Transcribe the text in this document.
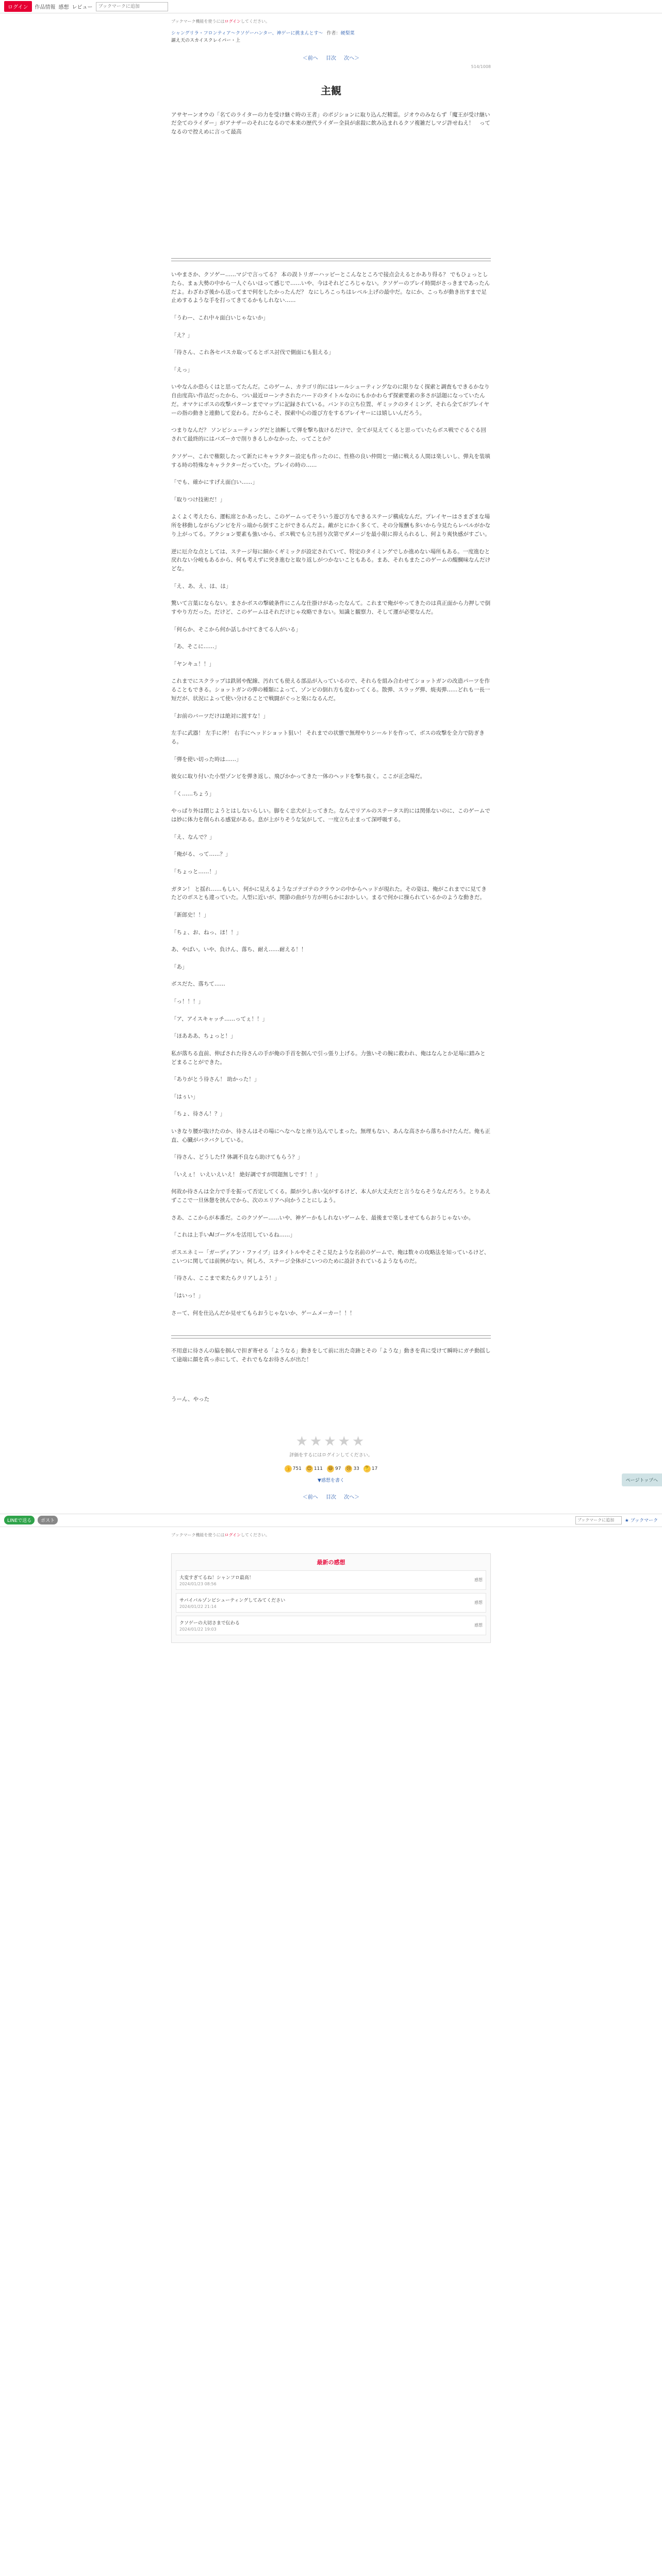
ログイン	作品情報 感想 レビュー
ブックマークに追加
ブックマーク機能を使うにはログインしてください。
シャングリラ・フロンティア〜クソゲーハンター、神ゲーに挑まんとす〜 作者：硬梨菜
謳え天のスカイスクレイパー・上
＜前へ 目次 次へ＞
514/1008
主観
アサヤーンオウの「名てのライターの力を受け継ぐ時の王者」のポジションに取り込んだ精霊。ジオウのみならず「魔王が受け継いだ全てのライダー」がアナザーのそれになるので本来の歴代ライダー全員が虐殺に飲み込まれるクソ複雑だしマジ許せねえ！　ってなるので控えめに言って最高

いやまさか、クソゲー……マジで言ってる？ 本の誤トリガーハッピーとこんなところで接点会えるとかあり得る？ でもひょっとしたら、まぁ大勢の中から一人ぐらいはって感じで……いや、今はそれどころじゃない。クソゲーのプレイ時間がさっきまであったんだよ。わざわざ後から送ってまで何をしたかったんだ？ なにしろこっちはレベル上げの最中だ。なにか、こっちが動き出すまで足止めするような手を打ってきてるかもしれない……

「うわー、これ中々面白いじゃないか」

「え？」

「待さん、これ各セパスカ取ってるとボス討伐で側面にも狙える」

「えっ」

いやなんか恐らくはと思ってたんだ。このゲーム、カテゴリ的にはレールシューティングなのに限りなく探索と調査もできるかなり自由度高い作品だったから、つい最近ローンチされたハードのタイトルなのにもかかわらず探索要素の多さが話題になっていたんだ。オマケにボスの攻撃パターンまでマップに記録されている。バンドの立ち位置、ギミックのタイミング、それら全てがプレイヤーの指の動きと連動して変わる。だからこそ、探索中心の遊び方をするプレイヤーには嬉しいんだろう。

つまりなんだ？ ソンビシューティングだと油断して弾を撃ち抜けるだけで、全てが見えてくると思っていたらボス戦でぐるぐる回されて最終的にはバズーカで削りきるしかなかった、ってことか？

クソゲー、これで権限したって新たにキャラクター設定も作ったのに、性格の良い仲間と一緒に戦える人間は楽しいし、弾丸を装填する時の特殊なキャラクターだっていた。プレイの時の……

「でも、確かにすげえ面白い……」

「取りつけ技術だ！」

よくよく考えたら、運転席とかあったし、このゲームってそういう遊び方もできるステージ構成なんだ。プレイヤーはさまざまな場所を移動しながらゾンビを片っ端から倒すことができるんだよ。敵がとにかく多くて、その分報酬も多いから今見たらレベルがかなり上がってる。アクション要素も強いから、ボス戦でも立ち回り次第でダメージを最小限に抑えられるし、何より爽快感がすごい。

逆に厄介な点としては、ステージ毎に細かくギミックが設定されていて、特定のタイミングでしか進めない場所もある。一度進むと戻れない分岐もあるから、何も考えずに突き進むと取り返しがつかないこともある。まあ、それもまたこのゲームの醍醐味なんだけどな。

「え、あ、え、は、は」

驚いて言葉にならない。まさかボスの撃破条件にこんな仕掛けがあったなんて。これまで俺がやってきたのは真正面から力押しで倒すやり方だった。だけど、このゲームはそれだけじゃ攻略できない。知識と観察力、そして運が必要なんだ。

「何らか、そこから何か話しかけてきてる人がいる」

「あ、そこに……」

「ヤンキュ！！」

これまでにスクラップは鉄屑や配線、汚れても使える部品が入っているので、それらを組み合わせてショットガンの改造パーツを作ることもできる。ショットガンの弾の種類によって、ゾンビの倒れ方も変わってくる。散弾、スラッグ弾、焼夷弾……どれも一長一短だが、状況によって使い分けることで戦闘がぐっと楽になるんだ。

「お前のバーツだけは絶対に渡すな！」

左手に武器！ 左手に斧！ 右手にヘッドショット狙い！ それまでの状態で無理やりシールドを作って、ボスの攻撃を全力で防ぎきる。

「弾を使い切った時は……」

彼女に取り付いた小型ゾンビを弾き返し、飛びかかってきた一体のヘッドを撃ち抜く。ここが正念場だ。

「く……ちょう」

やっぱり外は閉じようとはしないらしい。脚をく忠犬が上ってきた。なんでリアルのステータス的には関係ないのに、このゲームでは妙に体力を削られる感覚がある。息が上がりそうな気がして、一度立ち止まって深呼吸する。

「え、なんで？」

「俺がる、って……？」

「ちょっと……！」

ガタン！ と揺れ……もしい、何かに見えるようなゴテゴテのクラウンの中からヘッドが現れた。その姿は、俺がこれまでに見てきたどのボスとも違っていた。人型に近いが、関節の曲がり方が明らかにおかしい。まるで何かに操られているかのような動きだ。

「新郎史！！」

「ちょ、お、ねっ、ほ！！」

あ、やばい。いや、負けん、落ち、耐え……耐える！！

「あ」

ボスだた、落ちて……

「っ！！！」

「ア、アイスキャッチ……ってぇ！！」

「ほあああ、ちょっと！」

私が落ちる直前、伸ばされた待さんの手が俺の手首を掴んで引っ張り上げる。力強いその腕に救われ、俺はなんとか足場に踏みとどまることができた。

「ありがとう待さん！ 助かった！」

「はぅい」

「ちょ、待さん！？」

いきなり腰が抜けたのか、待さんはその場にへなへなと座り込んでしまった。無理もない、あんな高さから落ちかけたんだ。俺も正直、心臓がバクバクしている。

「待さん、どうした!? 体調不良なら助けてもらう？」

「いえぇ！ いえいえいえ！ 絶好調ですが問題無しです！！」

何故か待さんは全力で手を振って否定してくる。顔が少し赤い気がするけど、本人が大丈夫だと言うならそうなんだろう。とりあえずここで一旦休憩を挟んでから、次のエリアへ向かうことにしよう。

さあ、ここからが本番だ。このクソゲー……いや、神ゲーかもしれないゲームを、最後まで楽しませてもらおうじゃないか。

「これは上手いAIゴーグルを活用しているね……」

ボスエネミー「ガーディアン・ファイブ」はタイトルやそこそこ見たような名前のゲームで、俺は数々の攻略法を知っているけど、こいつに関しては前例がない。何しろ、ステージ全体がこいつのために設計されているようなものだ。

「待さん、ここまで来たらクリアしよう！」

「はいっ！」

さーて、何を仕込んだか見せてもらおうじゃないか、ゲームメーカー！！！

不用意に待さんの脇を掴んで担ぎ寄せる「ようなる」動きをして前に出た奇跡とその「ような」動きを真に受けて瞬時にガチ動揺して途端に顔を真っ赤にして、それでもなお待さんが出た！
うーん、やった
★★★★★
評価をするにはログインしてください。
👍 751 😊 111 😄 97 😢 33 🤔 17
▼感想を書く
＜前へ 目次 次へ＞
LINEで送る	ポスト
ブックマークに追加	★ ブックマーク
ブックマーク機能を使うにはログインしてください。
最新の感想
大変すぎてるね！シャンフロ最高！
2024/01/23 08:56
感想
サバイバルゾンビシューティングしてみてください
2024/01/22 21:14
感想
クソゲーの大切さまで伝わる
2024/01/22 19:03
感想
ページトップへ
